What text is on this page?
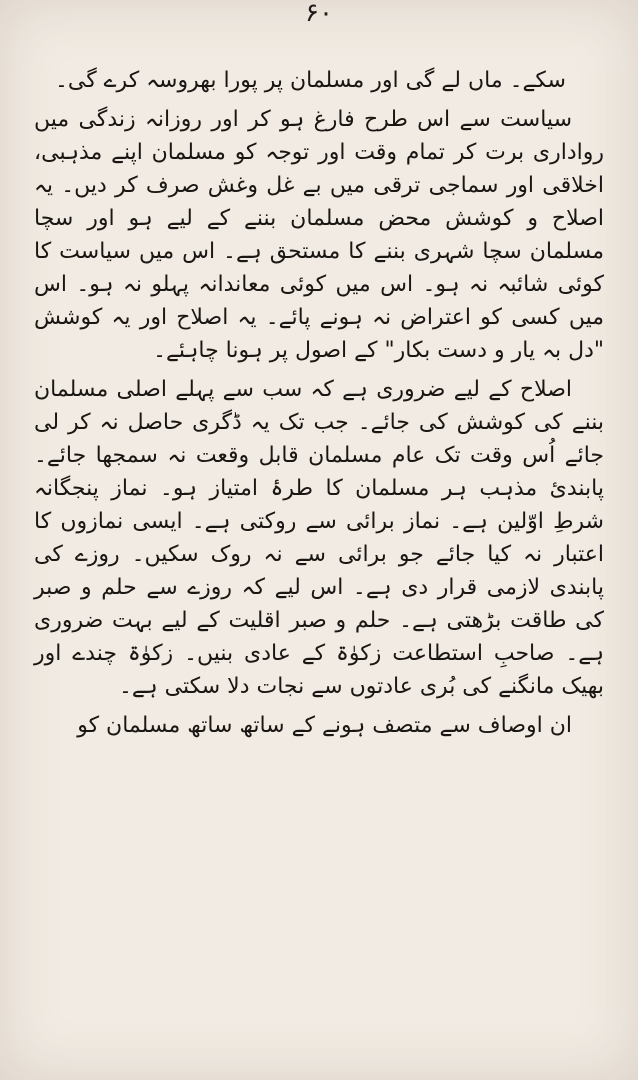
۶۰

سکے۔ ماں لے گی اور مسلمان پر پورا بھروسہ کرے گی۔

سیاست سے اس طرح فارغ ہو کر اور روزانہ زندگی میں رواداری برت کر تمام وقت اور توجہ کو مسلمان اپنے مذہبی، اخلاقی اور سماجی ترقی میں بے غل وغش صرف کر دیں۔ یہ اصلاح و کوشش محض مسلمان بننے کے لیے ہو اور سچا مسلمان سچا شہری بننے کا مستحق ہے۔ اس میں سیاست کا کوئی شائبہ نہ ہو۔ اس میں کوئی معاندانہ پہلو نہ ہو۔ اس میں کسی کو اعتراض نہ ہونے پائے۔ یہ اصلاح اور یہ کوشش "دل بہ یار و دست بکار" کے اصول پر ہونا چاہئے۔

اصلاح کے لیے ضروری ہے کہ سب سے پہلے اصلی مسلمان بننے کی کوشش کی جائے۔ جب تک یہ ڈگری حاصل نہ کر لی جائے اُس وقت تک عام مسلمان قابل وقعت نہ سمجھا جائے۔ پابندیٔ مذہب ہر مسلمان کا طرۂ امتیاز ہو۔ نماز پنجگانہ شرطِ اوّلین ہے۔ نماز برائی سے روکتی ہے۔ ایسی نمازوں کا اعتبار نہ کیا جائے جو برائی سے نہ روک سکیں۔ روزے کی پابندی لازمی قرار دی ہے۔ اس لیے کہ روزے سے حلم و صبر کی طاقت بڑھتی ہے۔ حلم و صبر اقلیت کے لیے بہت ضروری ہے۔ صاحبِ استطاعت زکوٰۃ کے عادی بنیں۔ زکوٰۃ چندے اور بھیک مانگنے کی بُری عادتوں سے نجات دلا سکتی ہے۔

ان اوصاف سے متصف ہونے کے ساتھ ساتھ مسلمان کو
